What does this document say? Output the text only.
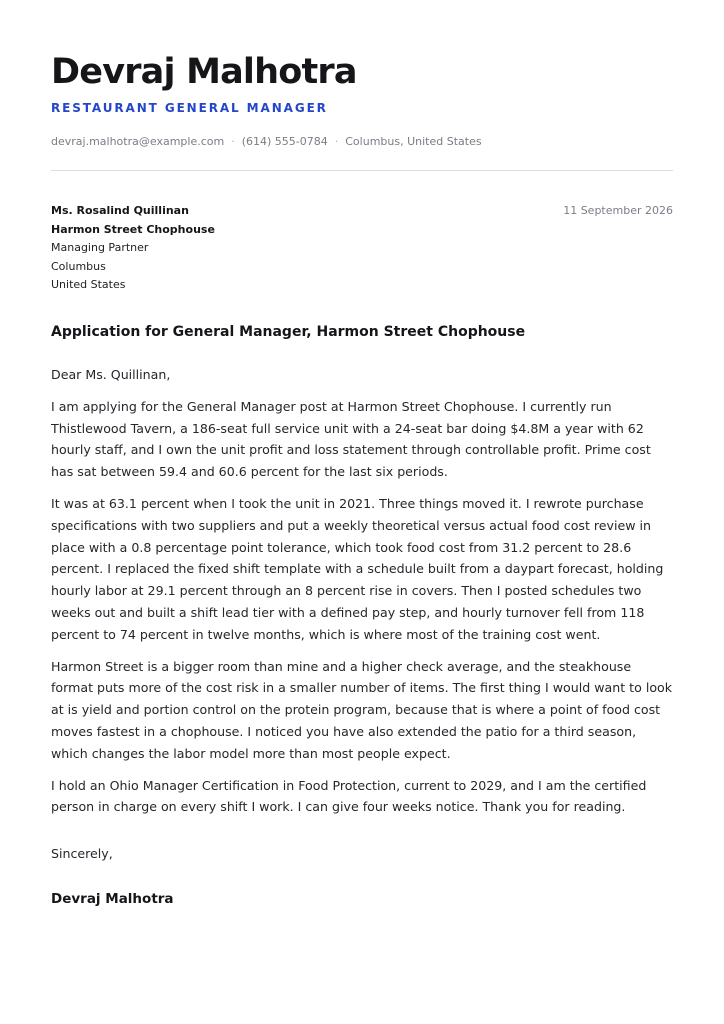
Devraj Malhotra
RESTAURANT GENERAL MANAGER
devraj.malhotra@example.com · (614) 555-0784 · Columbus, United States
Ms. Rosalind Quillinan
Harmon Street Chophouse
Managing Partner
Columbus
United States
11 September 2026
Application for General Manager, Harmon Street Chophouse

Dear Ms. Quillinan,

I am applying for the General Manager post at Harmon Street Chophouse. I currently run Thistlewood Tavern, a 186-seat full service unit with a 24-seat bar doing $4.8M a year with 62 hourly staff, and I own the unit profit and loss statement through controllable profit. Prime cost has sat between 59.4 and 60.6 percent for the last six periods.

It was at 63.1 percent when I took the unit in 2021. Three things moved it. I rewrote purchase specifications with two suppliers and put a weekly theoretical versus actual food cost review in place with a 0.8 percentage point tolerance, which took food cost from 31.2 percent to 28.6 percent. I replaced the fixed shift template with a schedule built from a daypart forecast, holding hourly labor at 29.1 percent through an 8 percent rise in covers. Then I posted schedules two weeks out and built a shift lead tier with a defined pay step, and hourly turnover fell from 118 percent to 74 percent in twelve months, which is where most of the training cost went.

Harmon Street is a bigger room than mine and a higher check average, and the steakhouse format puts more of the cost risk in a smaller number of items. The first thing I would want to look at is yield and portion control on the protein program, because that is where a point of food cost moves fastest in a chophouse. I noticed you have also extended the patio for a third season, which changes the labor model more than most people expect.

I hold an Ohio Manager Certification in Food Protection, current to 2029, and I am the certified person in charge on every shift I work. I can give four weeks notice. Thank you for reading.

Sincerely,
Devraj Malhotra
